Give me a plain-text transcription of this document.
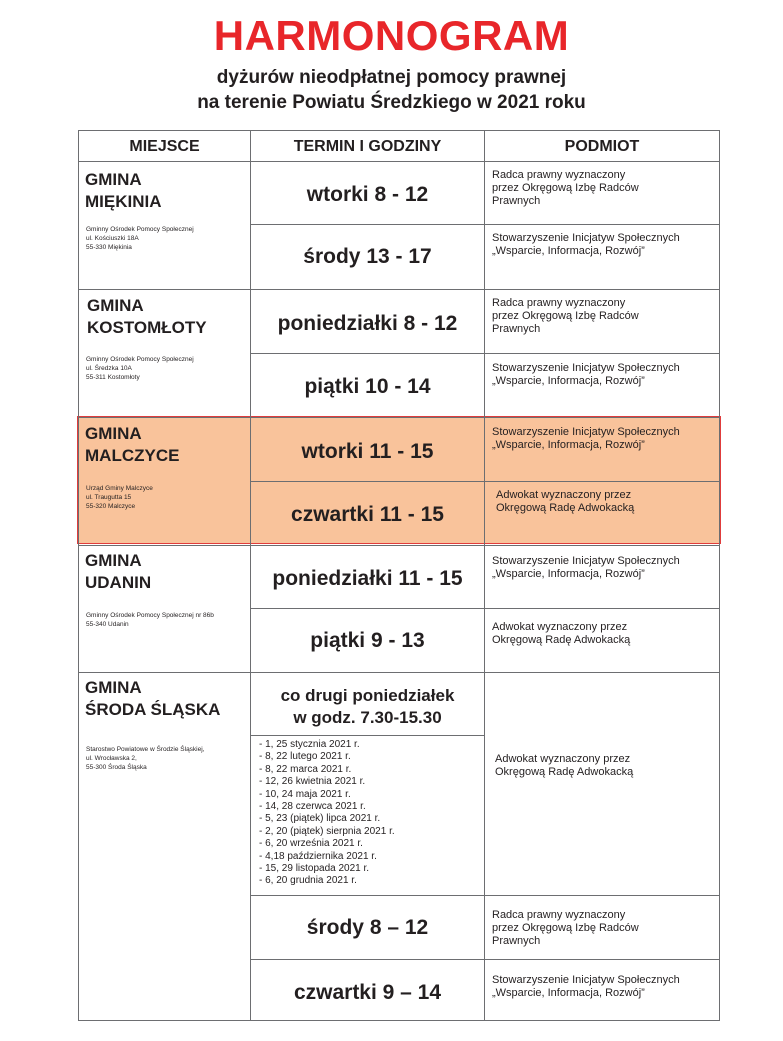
HARMONOGRAM
dyżurów nieodpłatnej pomocy prawnej
na terenie Powiatu Średzkiego w 2021 roku
MIEJSCE	TERMIN I GODZINY	PODMIOT
GMINA
MIĘKINIA
Gminny Ośrodek Pomocy Społecznej
ul. Kościuszki 18A
55-330 Miękinia
wtorki 8 - 12
Radca prawny wyznaczony
przez Okręgową Izbę Radców
Prawnych
środy 13 - 17
Stowarzyszenie Inicjatyw Społecznych
„Wsparcie, Informacja, Rozwój”
GMINA
KOSTOMŁOTY
Gminny Ośrodek Pomocy Społecznej
ul. Średzka 10A
55-311 Kostomłoty
poniedziałki 8 - 12
Radca prawny wyznaczony
przez Okręgową Izbę Radców
Prawnych
piątki 10 - 14
Stowarzyszenie Inicjatyw Społecznych
„Wsparcie, Informacja, Rozwój”
GMINA
MALCZYCE
Urząd Gminy Malczyce
ul. Traugutta 15
55-320 Malczyce
wtorki 11 - 15
Stowarzyszenie Inicjatyw Społecznych
„Wsparcie, Informacja, Rozwój”
czwartki 11 - 15
Adwokat wyznaczony przez
Okręgową Radę Adwokacką
GMINA
UDANIN
Gminny Ośrodek Pomocy Społecznej nr 86b
55-340 Udanin
poniedziałki 11 - 15
Stowarzyszenie Inicjatyw Społecznych
„Wsparcie, Informacja, Rozwój”
piątki 9 - 13
Adwokat wyznaczony przez
Okręgową Radę Adwokacką
GMINA
ŚRODA ŚLĄSKA
Starostwo Powiatowe w Środzie Śląskiej,
ul. Wrocławska 2,
55-300 Środa Śląska
Adwokat wyznaczony przez
Okręgową Radę Adwokacką
środy 8 – 12
Radca prawny wyznaczony
przez Okręgową Izbę Radców
Prawnych
czwartki 9 – 14
Stowarzyszenie Inicjatyw Społecznych
„Wsparcie, Informacja, Rozwój”
co drugi poniedziałek
w godz. 7.30-15.30
- 1, 25 stycznia 2021 r.
- 8, 22 lutego 2021 r.
- 8, 22 marca 2021 r.
- 12, 26 kwietnia 2021 r.
- 10, 24 maja 2021 r.
- 14, 28 czerwca 2021 r.
- 5, 23 (piątek) lipca 2021 r.
- 2, 20 (piątek) sierpnia 2021 r.
- 6, 20 września 2021 r.
- 4,18 października 2021 r.
- 15, 29 listopada 2021 r.
- 6, 20 grudnia 2021 r.
